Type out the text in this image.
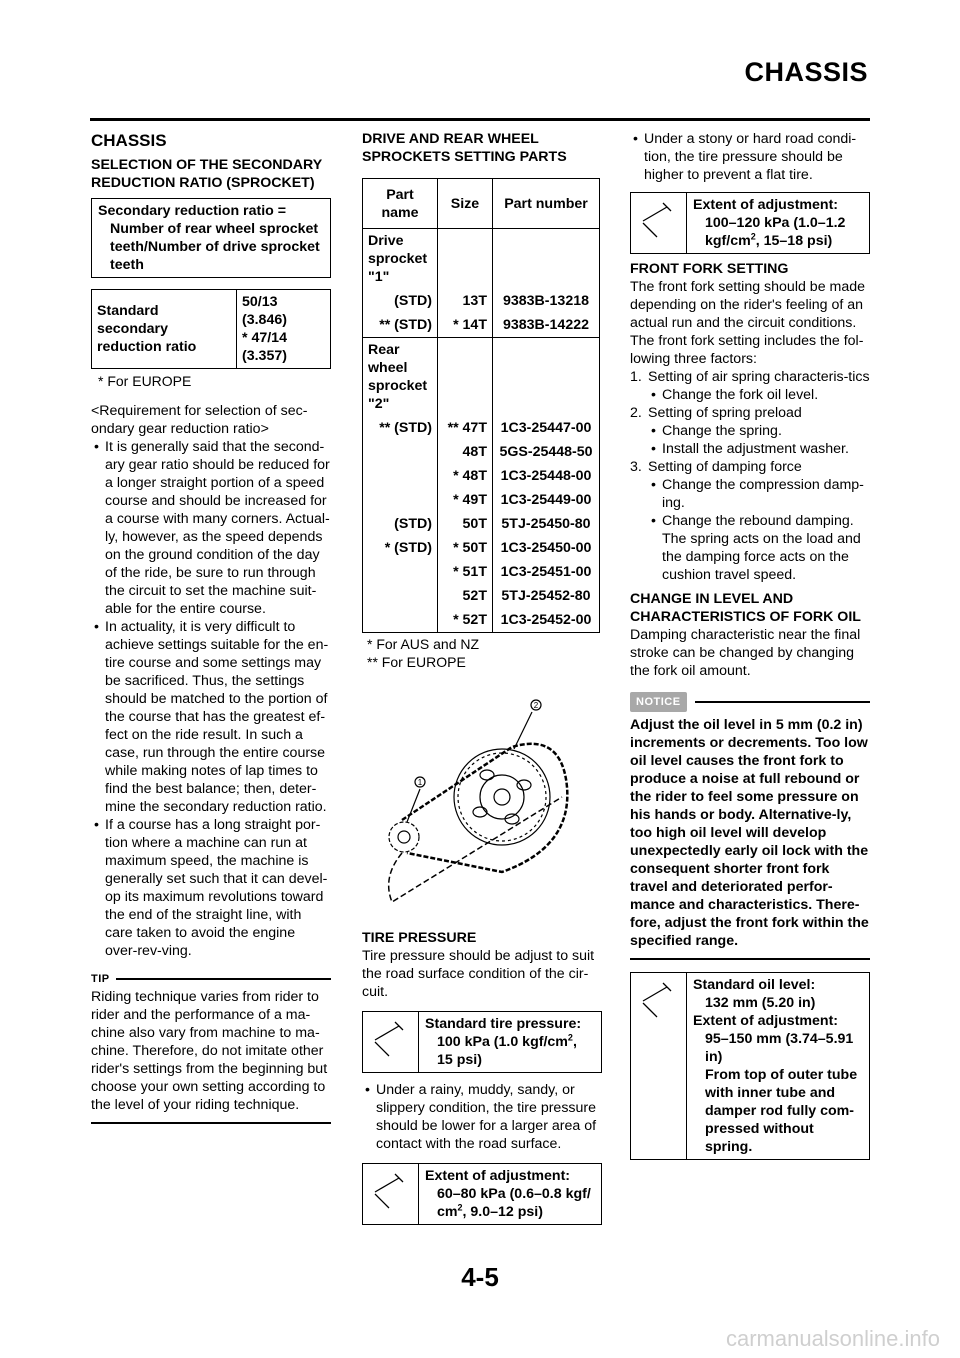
CHASSIS
CHASSIS
SELECTION OF THE SECONDARY REDUCTION RATIO (SPROCKET)
Secondary reduction ratio =
Number of rear wheel sprocket teeth/Number of drive sprocket teeth
Standard secondary reduction ratio
50/13
(3.846)
* 47/14
(3.357)
* For EUROPE
<Requirement for selection of sec-ondary gear reduction ratio>
• It is generally said that the second-ary gear ratio should be reduced for a longer straight portion of a speed course and should be increased for a course with many corners. Actual-ly, however, as the speed depends on the ground condition of the day of the ride, be sure to run through the circuit to set the machine suit-able for the entire course.
• In actuality, it is very difficult to achieve settings suitable for the en-tire course and some settings may be sacrificed. Thus, the settings should be matched to the portion of the course that has the greatest ef-fect on the ride result. In such a case, run through the entire course while making notes of lap times to find the best balance; then, deter-mine the secondary reduction ratio.
• If a course has a long straight por-tion where a machine can run at maximum speed, the machine is generally set such that it can devel-op its maximum revolutions toward the end of the straight line, with care taken to avoid the engine over-rev-ving.
TIP
Riding technique varies from rider to rider and the performance of a ma-chine also vary from machine to ma-chine. Therefore, do not imitate other rider's settings from the beginning but choose your own setting according to the level of your riding technique.
DRIVE AND REAR WHEEL SPROCKETS SETTING PARTS
Part name	Size	Part number
Drive sprocket "1"		
(STD)	13T	9383B-13218
** (STD)	* 14T	9383B-14222
Rear wheel sprocket "2"		
** (STD)	** 47T	1C3-25447-00
	48T	5GS-25448-50
	* 48T	1C3-25448-00
	* 49T	1C3-25449-00
(STD)	50T	5TJ-25450-80
* (STD)	* 50T	1C3-25450-00
	* 51T	1C3-25451-00
	52T	5TJ-25452-80
	* 52T	1C3-25452-00
* For AUS and NZ
** For EUROPE
2
1
TIRE PRESSURE
Tire pressure should be adjust to suit the road surface condition of the cir-cuit.
Standard tire pressure:
100 kPa (1.0 kgf/$cm^2$,
15 psi)
• Under a rainy, muddy, sandy, or slippery condition, the tire pressure should be lower for a larger area of contact with the road surface.
Extent of adjustment:
60–80 kPa (0.6–0.8 kgf/
$cm^2$, 9.0–12 psi)
• Under a stony or hard road condi-tion, the tire pressure should be higher to prevent a flat tire.
Extent of adjustment:
100–120 kPa (1.0–1.2
kgf/$cm^2$, 15–18 psi)
FRONT FORK SETTING
The front fork setting should be made depending on the rider's feeling of an actual run and the circuit conditions. The front fork setting includes the fol-lowing three factors:
1. Setting of air spring characteris-tics
• Change the fork oil level.
2. Setting of spring preload
• Change the spring.
• Install the adjustment washer.
3. Setting of damping force
• Change the compression damp-ing.
• Change the rebound damping. The spring acts on the load and the damping force acts on the cushion travel speed.
CHANGE IN LEVEL AND CHARACTERISTICS OF FORK OIL
Damping characteristic near the final stroke can be changed by changing the fork oil amount.
NOTICE
Adjust the oil level in 5 mm (0.2 in) increments or decrements. Too low oil level causes the front fork to produce a noise at full rebound or the rider to feel some pressure on his hands or body. Alternative-ly, too high oil level will develop unexpectedly early oil lock with the consequent shorter front fork travel and deteriorated perfor-mance and characteristics. There-fore, adjust the front fork within the specified range.
Standard oil level:
132 mm (5.20 in)
Extent of adjustment:
95–150 mm (3.74–5.91 in)
From top of outer tube with inner tube and damper rod fully com-pressed without spring.
4-5
carmanualsonline.info
